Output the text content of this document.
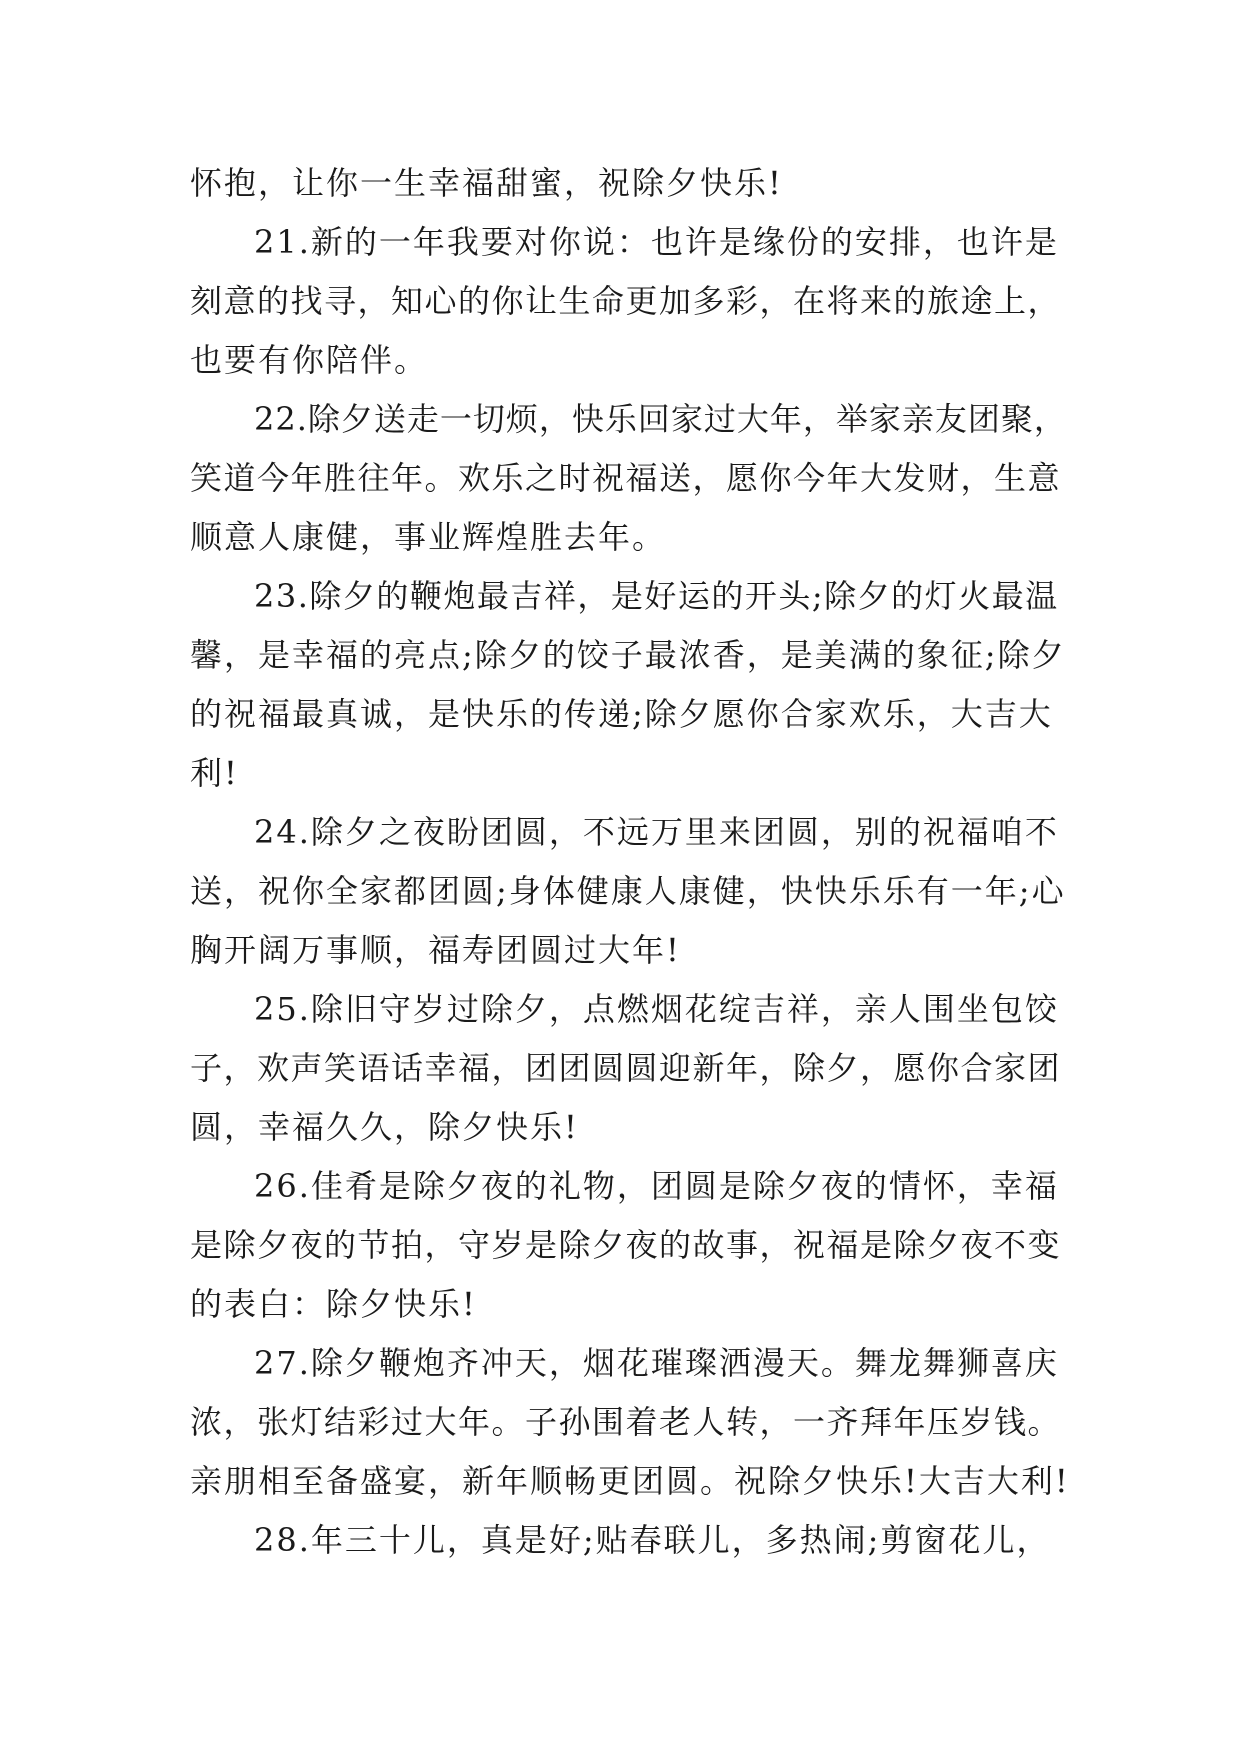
怀抱，让你一生幸福甜蜜，祝除夕快乐!
21.新的一年我要对你说：也许是缘份的安排，也许是
刻意的找寻，知心的你让生命更加多彩，在将来的旅途上，
也要有你陪伴。
22.除夕送走一切烦，快乐回家过大年，举家亲友团聚，
笑道今年胜往年。欢乐之时祝福送，愿你今年大发财，生意
顺意人康健，事业辉煌胜去年。
23.除夕的鞭炮最吉祥，是好运的开头;除夕的灯火最温
馨，是幸福的亮点;除夕的饺子最浓香，是美满的象征;除夕
的祝福最真诚，是快乐的传递;除夕愿你合家欢乐，大吉大
利!
24.除夕之夜盼团圆，不远万里来团圆，别的祝福咱不
送，祝你全家都团圆;身体健康人康健，快快乐乐有一年;心
胸开阔万事顺，福寿团圆过大年!
25.除旧守岁过除夕，点燃烟花绽吉祥，亲人围坐包饺
子，欢声笑语话幸福，团团圆圆迎新年，除夕，愿你合家团
圆，幸福久久，除夕快乐!
26.佳肴是除夕夜的礼物，团圆是除夕夜的情怀，幸福
是除夕夜的节拍，守岁是除夕夜的故事，祝福是除夕夜不变
的表白：除夕快乐!
27.除夕鞭炮齐冲天，烟花璀璨洒漫天。舞龙舞狮喜庆
浓，张灯结彩过大年。子孙围着老人转，一齐拜年压岁钱。
亲朋相至备盛宴，新年顺畅更团圆。祝除夕快乐!大吉大利!
28.年三十儿，真是好;贴春联儿，多热闹;剪窗花儿，
